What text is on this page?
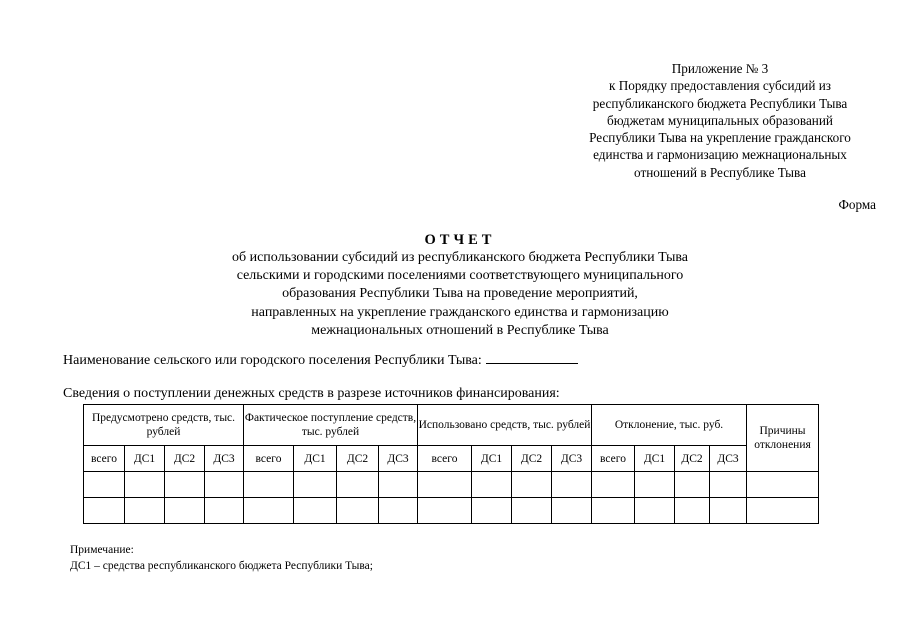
Приложение № 3
к Порядку предоставления субсидий из
республиканского бюджета Республики Тыва
бюджетам муниципальных образований
Республики Тыва на укрепление гражданского
единства и гармонизацию межнациональных
отношений в Республике Тыва
Форма
ОТЧЕТ
об использовании субсидий из республиканского бюджета Республики Тыва
сельскими и городскими поселениями соответствующего муниципального
образования Республики Тыва на проведение мероприятий,
направленных на укрепление гражданского единства и гармонизацию
межнациональных отношений в Республике Тыва
Наименование сельского или городского поселения Республики Тыва:
Сведения о поступлении денежных средств в разрезе источников финансирования:
Предусмотрено средств, тыс. рублей				Фактическое поступление средств, тыс. рублей				Использовано средств, тыс. рублей				Отклонение, тыс. руб.				Причины отклонения
всего	ДС1	ДС2	ДС3	всего	ДС1	ДС2	ДС3	всего	ДС1	ДС2	ДС3	всего	ДС1	ДС2	ДС3	

Примечание:
ДС1 – средства республиканского бюджета Республики Тыва;
